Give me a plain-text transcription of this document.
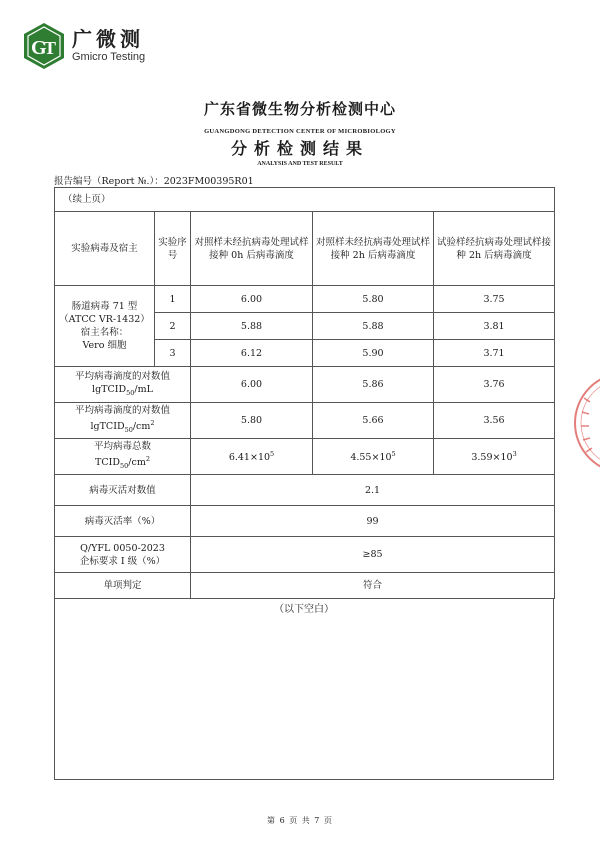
G
T 广微测
Gmicro Testing
广东省微生物分析检测中心
GUANGDONG DETECTION CENTER OF MICROBIOLOGY
分析检测结果
ANALYSIS AND TEST RESULT
报告编号（Report №.）：2023FM00395R01
（续上页）				
实验病毒及宿主	实验序号	对照样未经抗病毒处理试样接种 0h 后病毒滴度	对照样未经抗病毒处理试样接种 2h 后病毒滴度	试验样经抗病毒处理试样接种 2h 后病毒滴度

肠道病毒 71 型
（ATCC VR-1432）
宿主名称：
Vero 细胞	1	6.00	5.80	3.75
	2	5.88	5.88	3.81
	3	6.12	5.90	3.71

平均病毒滴度的对数值
lgTCID$_{50}$/mL		6.00	5.86	3.76

平均病毒滴度的对数值
$lgTCID_{50}/cm^2$		5.80	5.66	3.56

平均病毒总数
$TCID_{50}/cm^2$		$6.41\times 10^5$	$4.55\times 10^5$	$3.59\times 10^3$
病毒灭活对数值		2.1		
病毒灭活率（%）		99		

Q/YFL 0050-2023
企标要求 I 级（%）		≥85		
单项判定		符合		
（以下空白）
第 6 页 共 7 页
